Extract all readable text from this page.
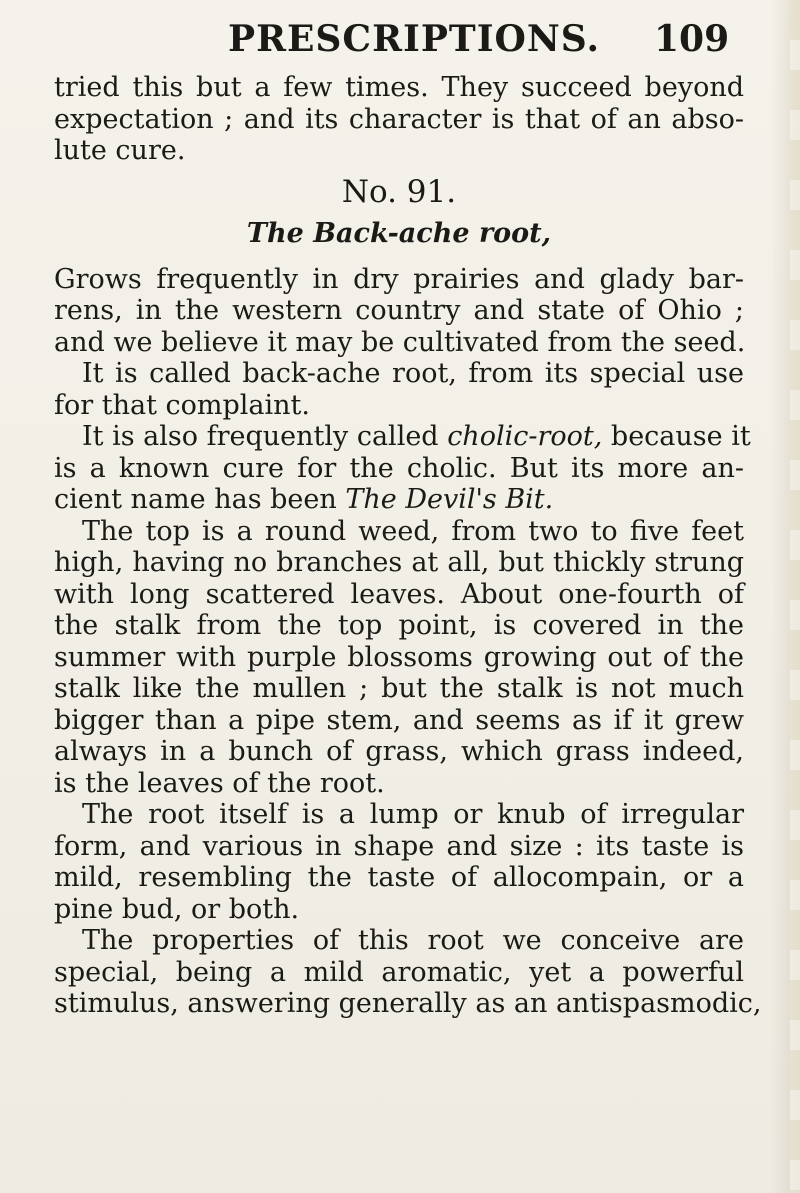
PRESCRIPTIONS. 109
tried this but a few times. They succeed beyond
expectation ; and its character is that of an abso-
lute cure.
No. 91.
The Back-ache root,
Grows frequently in dry prairies and glady bar-
rens, in the western country and state of Ohio ;
and we believe it may be cultivated from the seed.
It is called back-ache root, from its special use
for that complaint.
It is also frequently called cholic-root, because it
is a known cure for the cholic. But its more an-
cient name has been The Devil's Bit.
The top is a round weed, from two to five feet
high, having no branches at all, but thickly strung
with long scattered leaves. About one-fourth of
the stalk from the top point, is covered in the
summer with purple blossoms growing out of the
stalk like the mullen ; but the stalk is not much
bigger than a pipe stem, and seems as if it grew
always in a bunch of grass, which grass indeed,
is the leaves of the root.
The root itself is a lump or knub of irregular
form, and various in shape and size : its taste is
mild, resembling the taste of allocompain, or a
pine bud, or both.
The properties of this root we conceive are
special, being a mild aromatic, yet a powerful
stimulus, answering generally as an antispasmodic,
